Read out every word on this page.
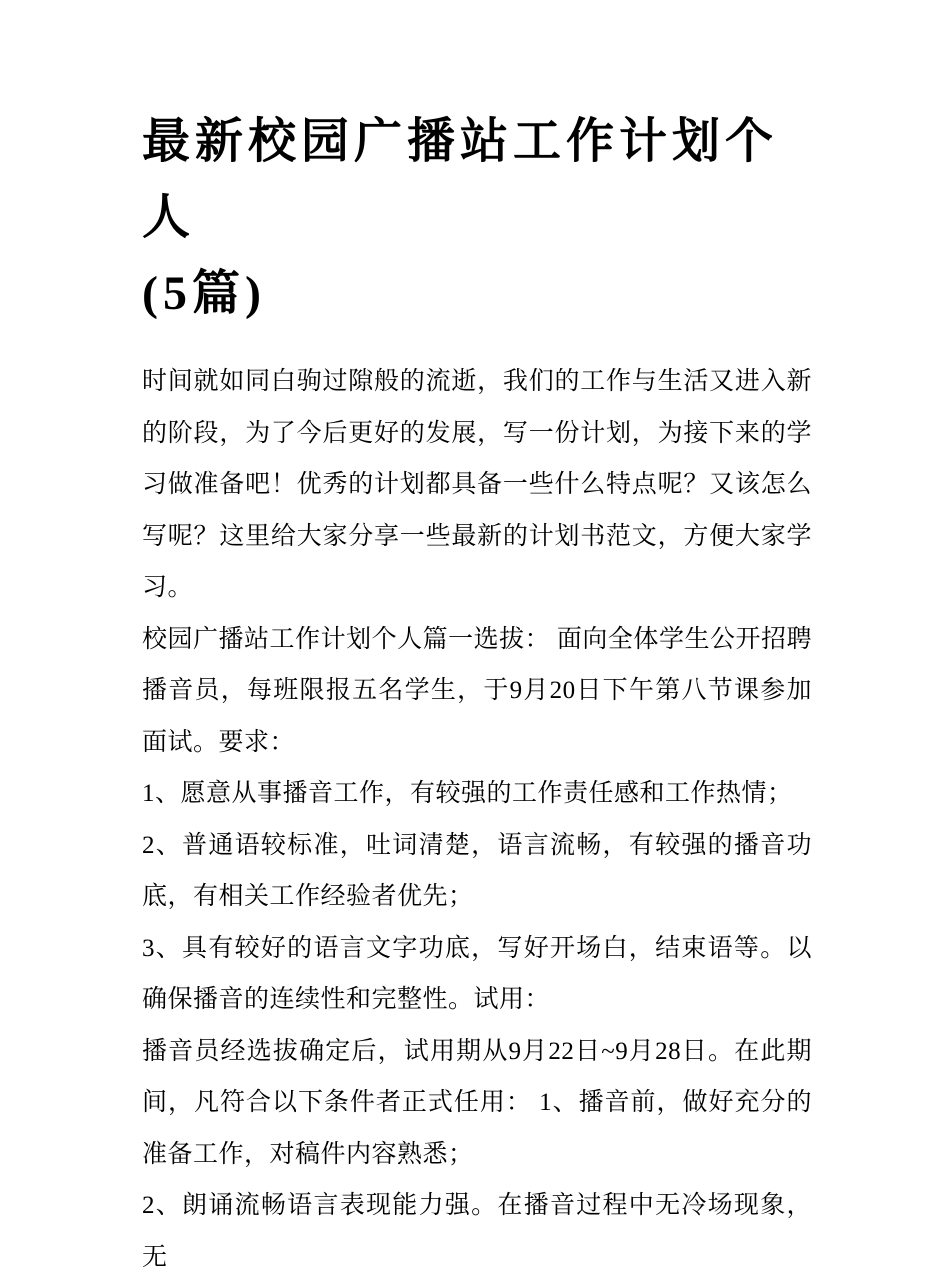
最新校园广播站工作计划个人
(5篇)

时间就如同白驹过隙般的流逝，我们的工作与生活又进入新的阶段，为了今后更好的发展，写一份计划，为接下来的学习做准备吧！优秀的计划都具备一些什么特点呢？又该怎么写呢？这里给大家分享一些最新的计划书范文，方便大家学习。

校园广播站工作计划个人篇一选拔： 面向全体学生公开招聘播音员，每班限报五名学生，于9月20日下午第八节课参加面试。要求：

1、愿意从事播音工作，有较强的工作责任感和工作热情；

2、普通语较标准，吐词清楚，语言流畅，有较强的播音功底，有相关工作经验者优先；

3、具有较好的语言文字功底，写好开场白，结束语等。以确保播音的连续性和完整性。试用：

播音员经选拔确定后，试用期从9月22日~9月28日。在此期间，凡符合以下条件者正式任用： 1、播音前，做好充分的准备工作，对稿件内容熟悉；

2、朗诵流畅语言表现能力强。在播音过程中无冷场现象，无
